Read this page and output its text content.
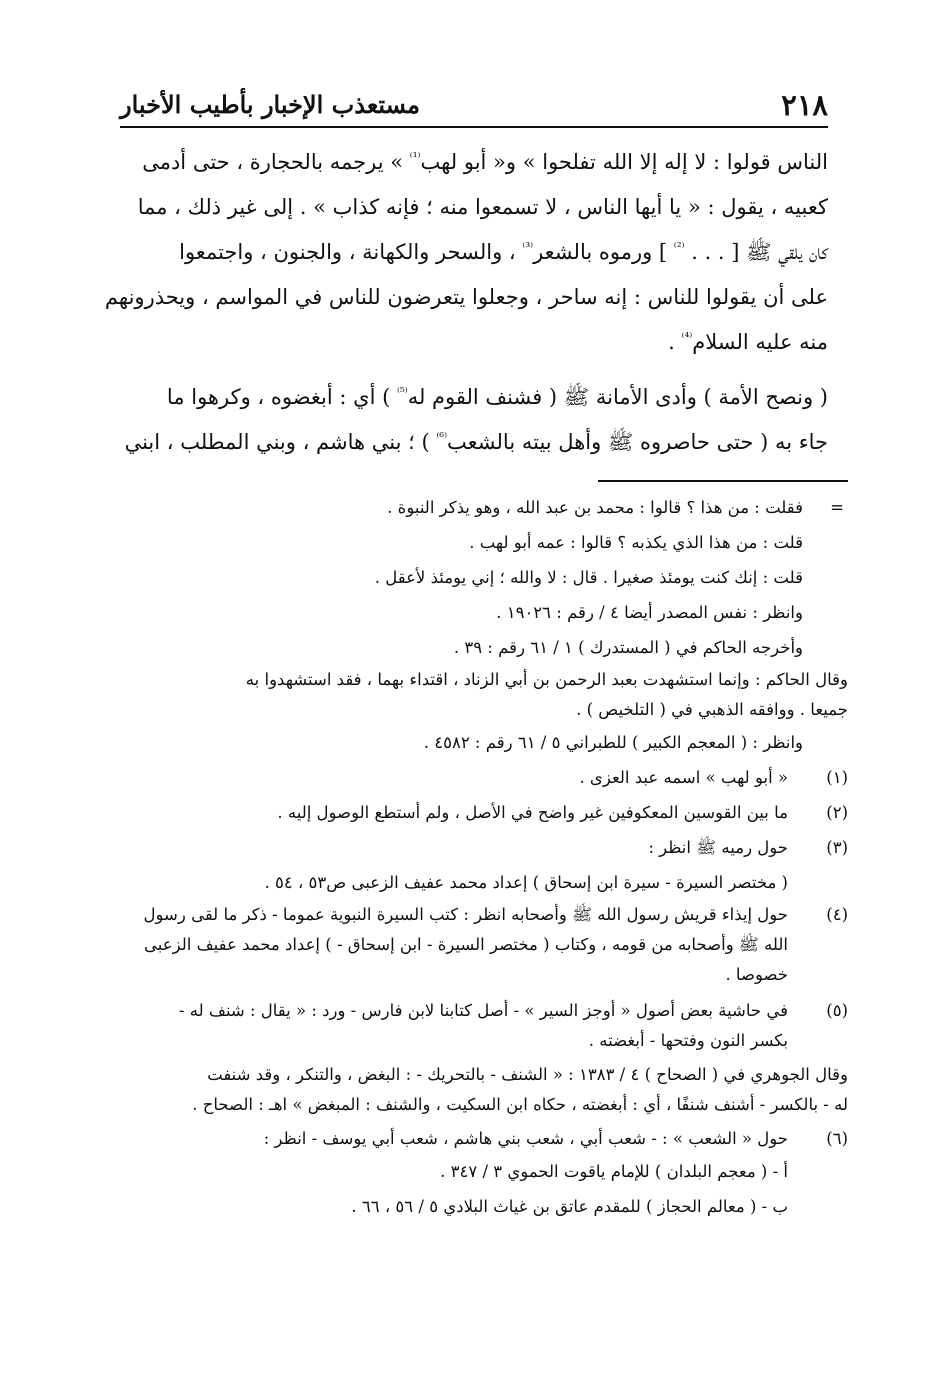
٢١٨
مستعذب الإخبار بأطيب الأخبار

الناس قولوا : لا إله إلا الله تفلحوا » و« أبو لهب$^{^{(1)}}$ » يرجمه بالحجارة ، حتى أدمى

كعبيه ، يقول : « يا أيها الناس ، لا تسمعوا منه ؛ فإنه كذاب » . إلى غير ذلك ، مما

كان يلقي ﷺ [ . . . $^{^{(2)}}$ ] ورموه بالشعر$^{^{(3)}}$ ، والسحر والكهانة ، والجنون ، واجتمعوا

على أن يقولوا للناس : إنه ساحر ، وجعلوا يتعرضون للناس في المواسم ، ويحذرونهم

منه عليه السلام$^{^{(4)}}$ .

( ونصح الأمة ) وأدى الأمانة ﷺ ( فشنف القوم له$^{^{(5)}}$ ) أي : أبغضوه ، وكرهوا ما

جاء به ( حتى حاصروه ﷺ وأهل بيته بالشعب$^{^{(6)}}$ ) ؛ بني هاشم ، وبني المطلب ، ابني

=
فقلت : من هذا ؟ قالوا : محمد بن عبد الله ، وهو يذكر النبوة .
قلت : من هذا الذي يكذبه ؟ قالوا : عمه أبو لهب .
قلت : إنك كنت يومئذ صغيرا . قال : لا والله ؛ إني يومئذ لأعقل .
وانظر : نفس المصدر أيضا ٤ / رقم : ١٩٠٢٦ .
وأخرجه الحاكم في ( المستدرك ) ١ / ٦١ رقم : ٣٩ .
وقال الحاكم : وإنما استشهدت بعبد الرحمن بن أبي الزناد ، اقتداء بهما ، فقد استشهدوا به
جميعا . ووافقه الذهبي في ( التلخيص ) .
وانظر : ( المعجم الكبير ) للطبراني ٥ / ٦١ رقم : ٤٥٨٢ .
(١)
« أبو لهب » اسمه عبد العزى .
(٢)
ما بين القوسين المعكوفين غير واضح في الأصل ، ولم أستطع الوصول إليه .
(٣)
حول رميه ﷺ انظر :
( مختصر السيرة - سيرة ابن إسحاق ) إعداد محمد عفيف الزعبى ص٥٣ ، ٥٤ .
(٤)
حول إيذاء قريش رسول الله ﷺ وأصحابه انظر : كتب السيرة النبوية عموما - ذكر ما لقى رسول
الله ﷺ وأصحابه من قومه ، وكتاب ( مختصر السيرة - ابن إسحاق - ) إعداد محمد عفيف الزعبى
خصوصا .
(٥)
في حاشية بعض أصول « أوجز السير » - أصل كتابنا لابن فارس - ورد : « يقال : شنف له -
بكسر النون وفتحها - أبغضته .
وقال الجوهري في ( الصحاح ) ٤ / ١٣٨٣ : « الشنف - بالتحريك - : البغض ، والتنكر ، وقد شنفت
له - بالكسر - أشنف شنفًا ، أي : أبغضته ، حكاه ابن السكيت ، والشنف : المبغض » اهـ : الصحاح .
(٦)
حول « الشعب » : - شعب أبي ، شعب بني هاشم ، شعب أبي يوسف - انظر :
أ - ( معجم البلدان ) للإمام ياقوت الحموي ٣ / ٣٤٧ .
ب - ( معالم الحجاز ) للمقدم عاتق بن غياث البلادي ٥ / ٥٦ ، ٦٦ .
